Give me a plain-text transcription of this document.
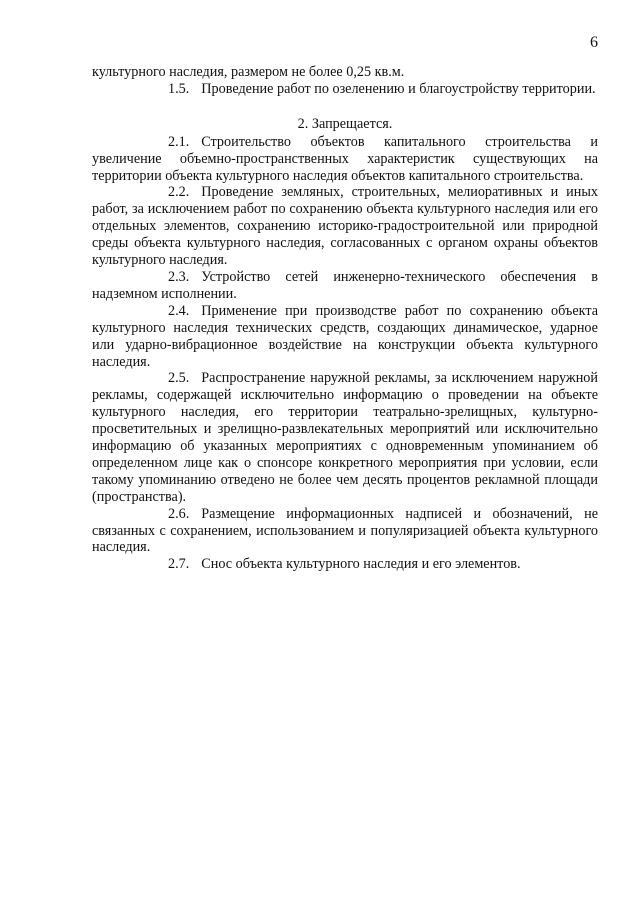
6

культурного наследия, размером не более 0,25 кв.м.

1.5. Проведение работ по озеленению и благоустройству территории.

2. Запрещается.

2.1. Строительство объектов капитального строительства и увеличение объемно-пространственных характеристик существующих на территории объекта культурного наследия объектов капитального строительства.

2.2. Проведение земляных, строительных, мелиоративных и иных работ, за исключением работ по сохранению объекта культурного наследия или его отдельных элементов, сохранению историко-градостроительной или природной среды объекта культурного наследия, согласованных с органом охраны объектов культурного наследия.

2.3. Устройство сетей инженерно-технического обеспечения в надземном исполнении.

2.4. Применение при производстве работ по сохранению объекта культурного наследия технических средств, создающих динамическое, ударное или ударно-вибрационное воздействие на конструкции объекта культурного наследия.

2.5. Распространение наружной рекламы, за исключением наружной рекламы, содержащей исключительно информацию о проведении на объекте культурного наследия, его территории театрально-зрелищных, культурно-просветительных и зрелищно-развлекательных мероприятий или исключительно информацию об указанных мероприятиях с одновременным упоминанием об определенном лице как о спонсоре конкретного мероприятия при условии, если такому упоминанию отведено не более чем десять процентов рекламной площади (пространства).

2.6. Размещение информационных надписей и обозначений, не связанных с сохранением, использованием и популяризацией объекта культурного наследия.

2.7. Снос объекта культурного наследия и его элементов.
